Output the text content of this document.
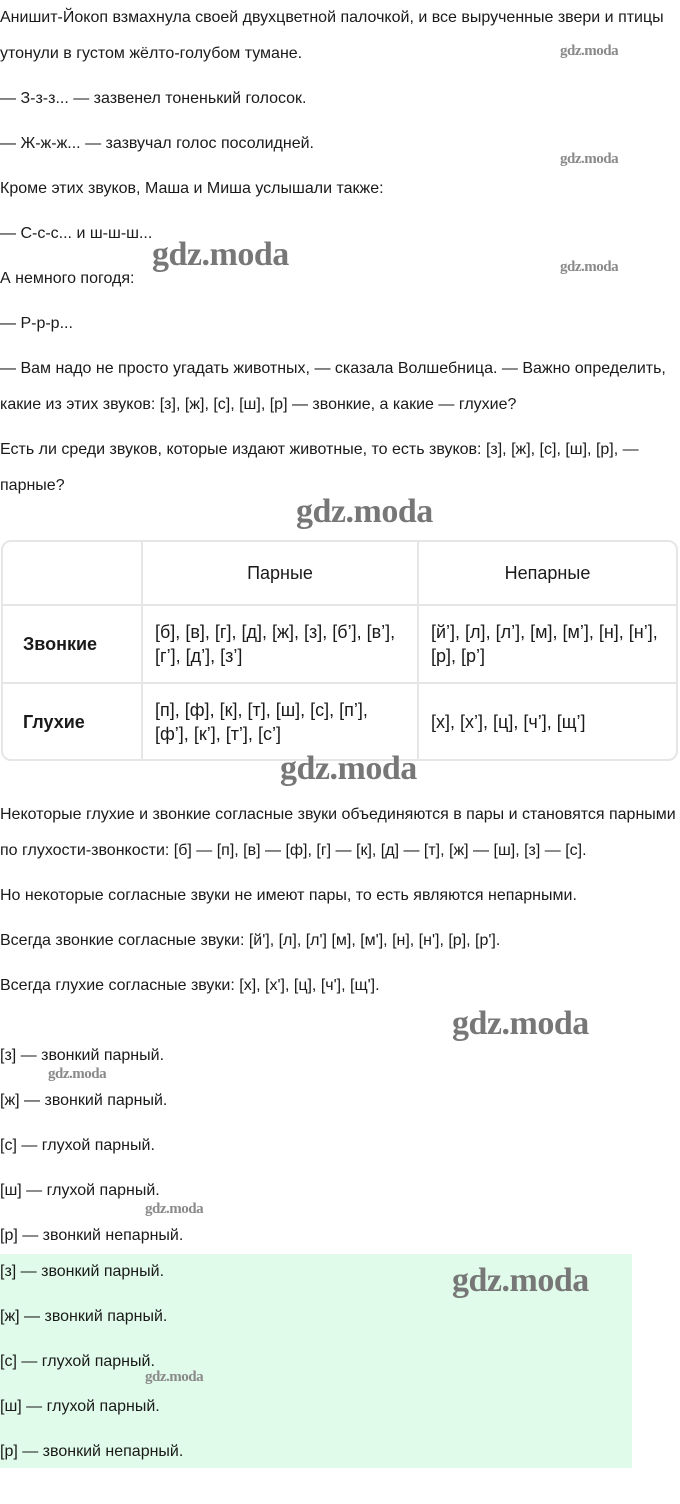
Анишит-Йокоп взмахнула своей двухцветной палочкой, и все вырученные звери и птицы утонули в густом жёлто-голубом тумане.

— З-з-з... — зазвенел тоненький голосок.

— Ж-ж-ж... — зазвучал голос посолидней.

Кроме этих звуков, Маша и Миша услышали также:

— С-с-с... и ш-ш-ш...

А немного погодя:

— Р-р-р...

— Вам надо не просто угадать животных, — сказала Волшебница. — Важно определить, какие из этих звуков: [з], [ж], [с], [ш], [р] — звонкие, а какие — глухие?

Есть ли среди звуков, которые издают животные, то есть звуков: [з], [ж], [с], [ш], [р], — парные?

	Парные	Непарные
Звонкие	[б], [в], [г], [д], [ж], [з], [б’], [в’], [г’], [д’], [з’]	[й’], [л], [л’], [м], [м’], [н], [н’], [р], [р’]
Глухие	[п], [ф], [к], [т], [ш], [с], [п’], [ф’], [к’], [т’], [с’]	[х], [х’], [ц], [ч’], [щ’]

Некоторые глухие и звонкие согласные звуки объединяются в пары и становятся парными по глухости-звонкости: [б] — [п], [в] — [ф], [г] — [к], [д] — [т], [ж] — [ш], [з] — [с].

Но некоторые согласные звуки не имеют пары, то есть являются непарными.

Всегда звонкие согласные звуки: [й'], [л], [л'] [м], [м'], [н], [н'], [р], [р'].

Всегда глухие согласные звуки: [х], [х'], [ц], [ч'], [щ'].

[з] — звонкий парный.
[ж] — звонкий парный.
[с] — глухой парный.
[ш] — глухой парный.
[р] — звонкий непарный.
[з] — звонкий парный.
[ж] — звонкий парный.
[с] — глухой парный.
[ш] — глухой парный.
[р] — звонкий непарный.
gdz.moda
gdz.moda
gdz.moda
gdz.moda
gdz.moda
gdz.moda
gdz.moda
gdz.moda
gdz.moda
gdz.moda
gdz.moda
